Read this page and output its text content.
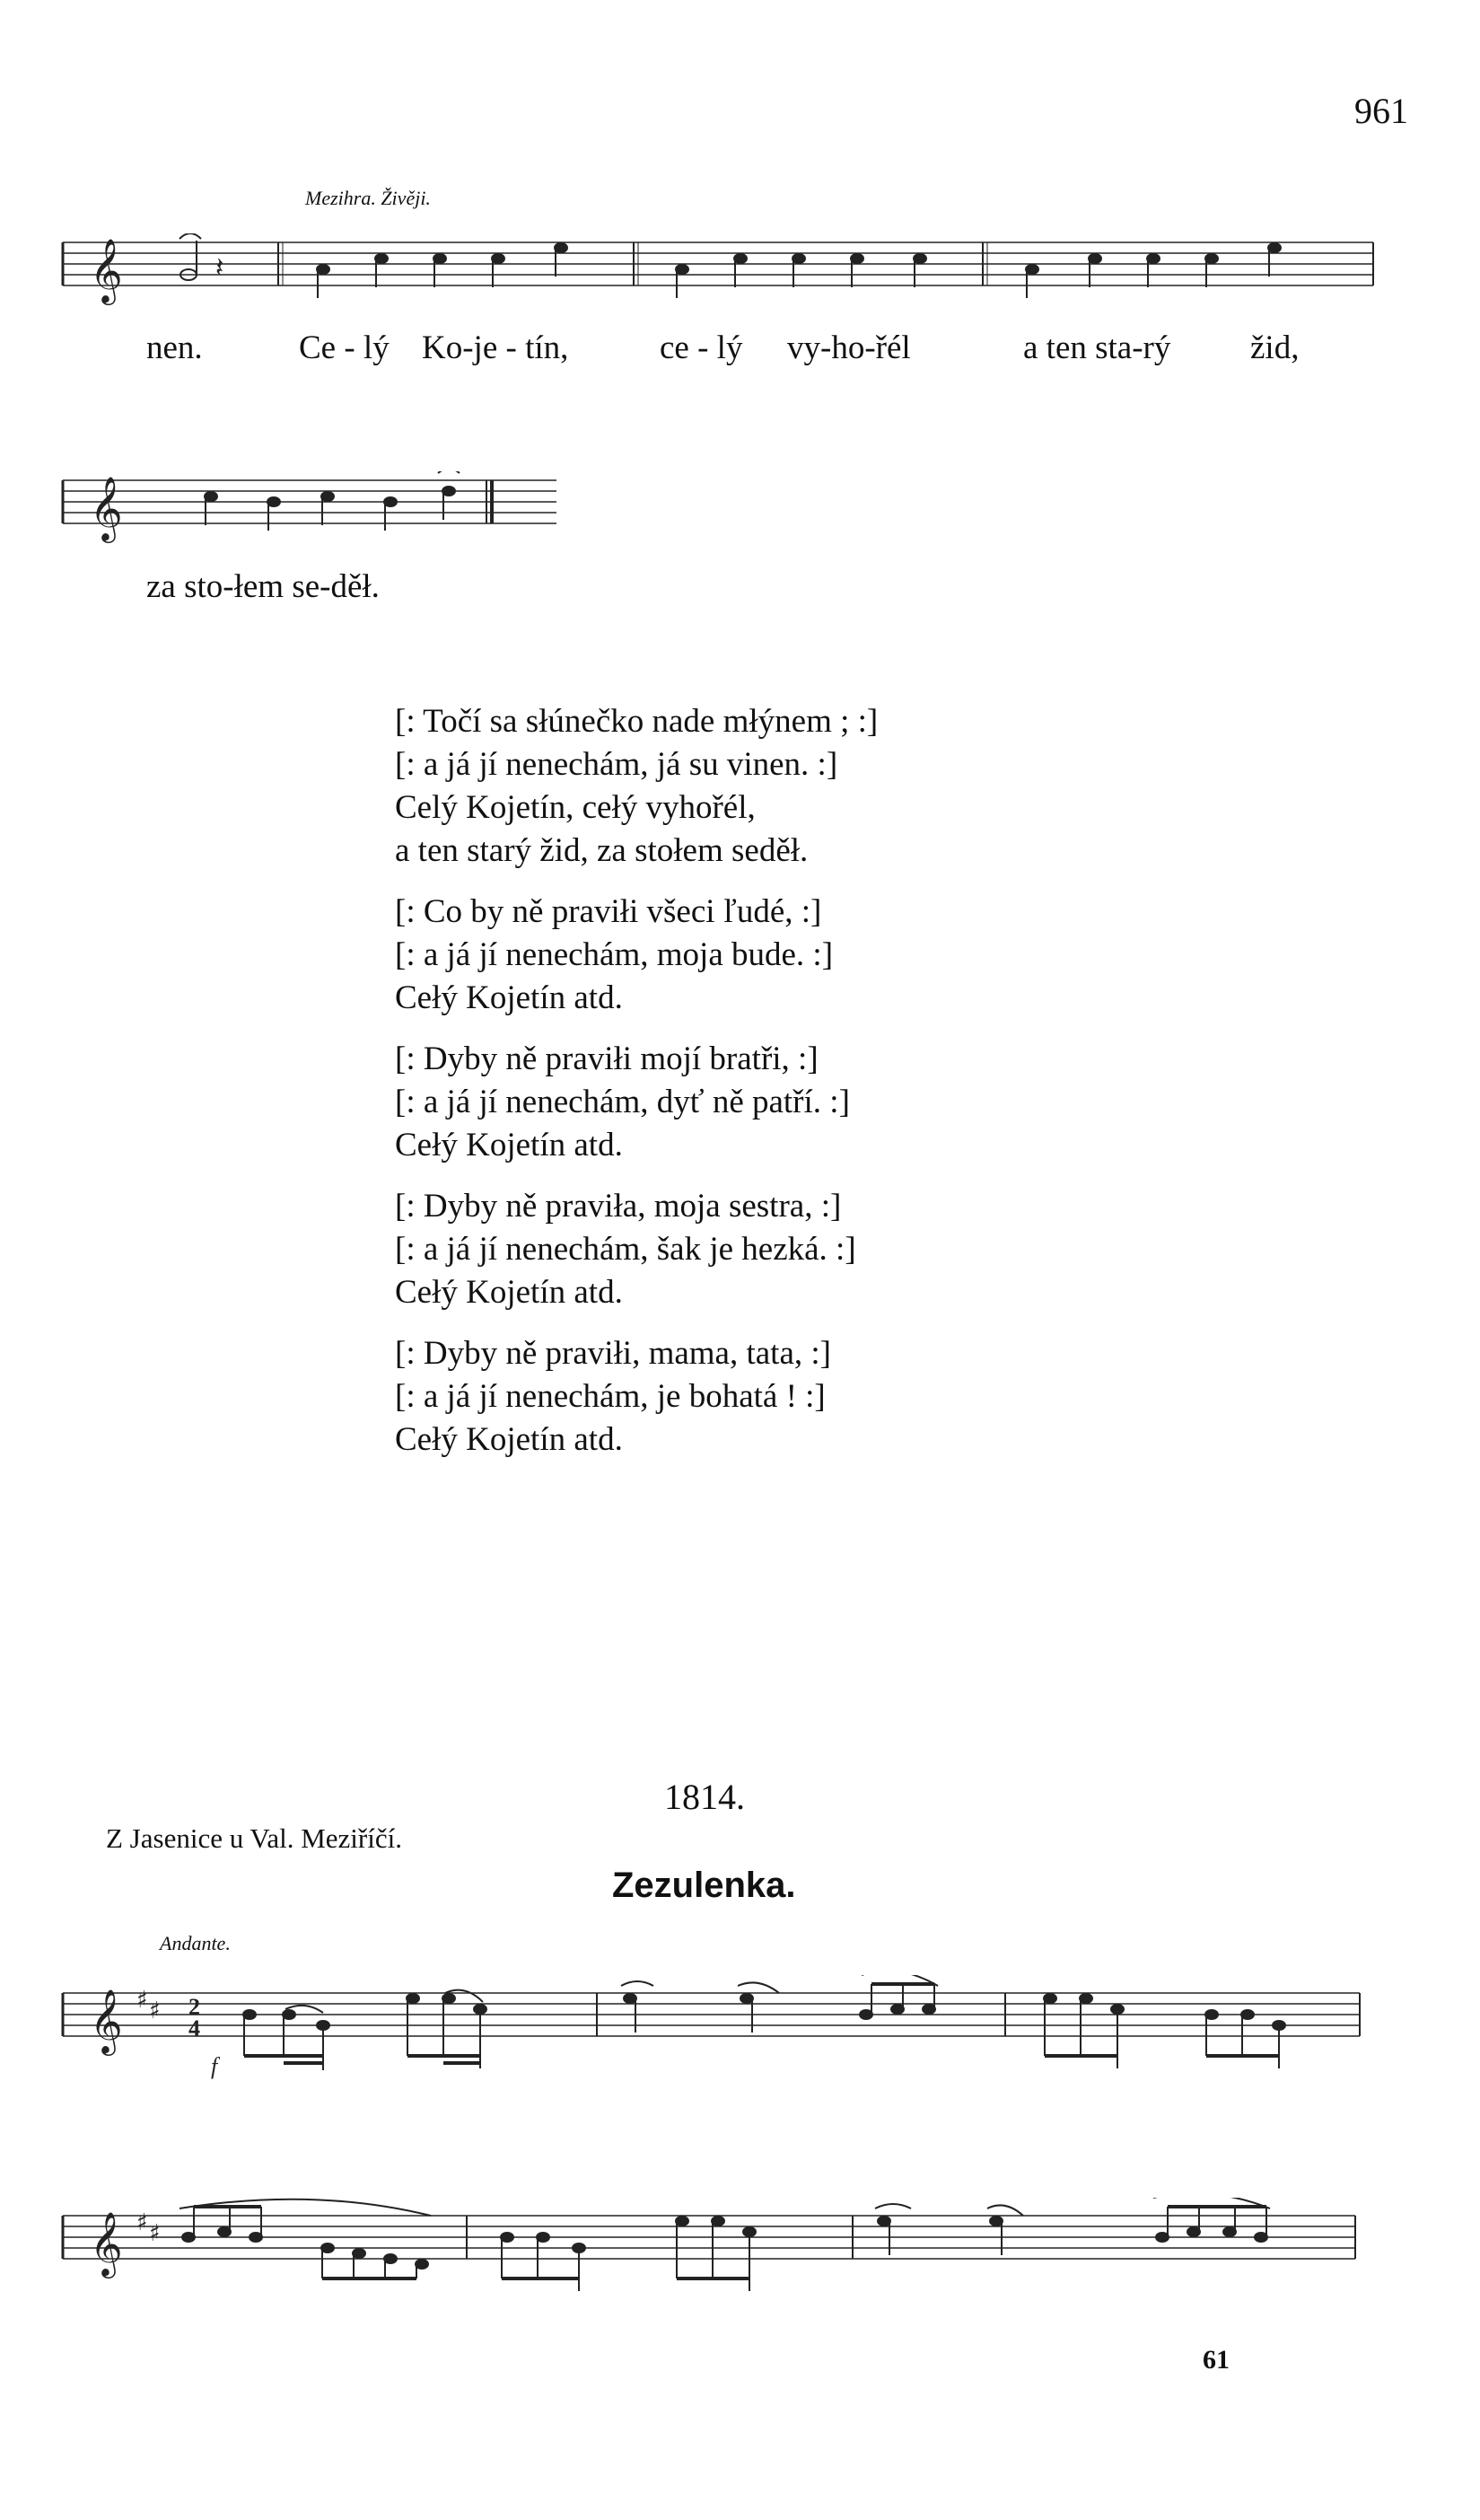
961
Mezihra. Živěji.
𝄞	𝄽
nen.	Ce - lý Ko-je - tín,	ce - lý vy-ho-řél	a ten sta-rý žid,
𝄞
za sto-łem se-děł.
[: Točí sa słúnečko nade młýnem ; :]
[: a já jí nenechám, já su vinen. :]
Celý Kojetín, cełý vyhořél,
a ten starý žid, za stołem seděł.
[: Co by ně praviłi všeci ľudé, :]
[: a já jí nenechám, moja bude. :]
Cełý Kojetín atd.
[: Dyby ně praviłi mojí bratři, :]
[: a já jí nenechám, dyť ně patří. :]
Cełý Kojetín atd.
[: Dyby ně praviła, moja sestra, :]
[: a já jí nenechám, šak je hezká. :]
Cełý Kojetín atd.
[: Dyby ně praviłi, mama, tata, :]
[: a já jí nenechám, je bohatá ! :]
Cełý Kojetín atd.
1814.
Z Jasenice u Val. Meziříčí.
Zezulenka.
Andante.
𝄞 ♯ ♯ 2
4
f
𝄞 ♯ ♯
61
